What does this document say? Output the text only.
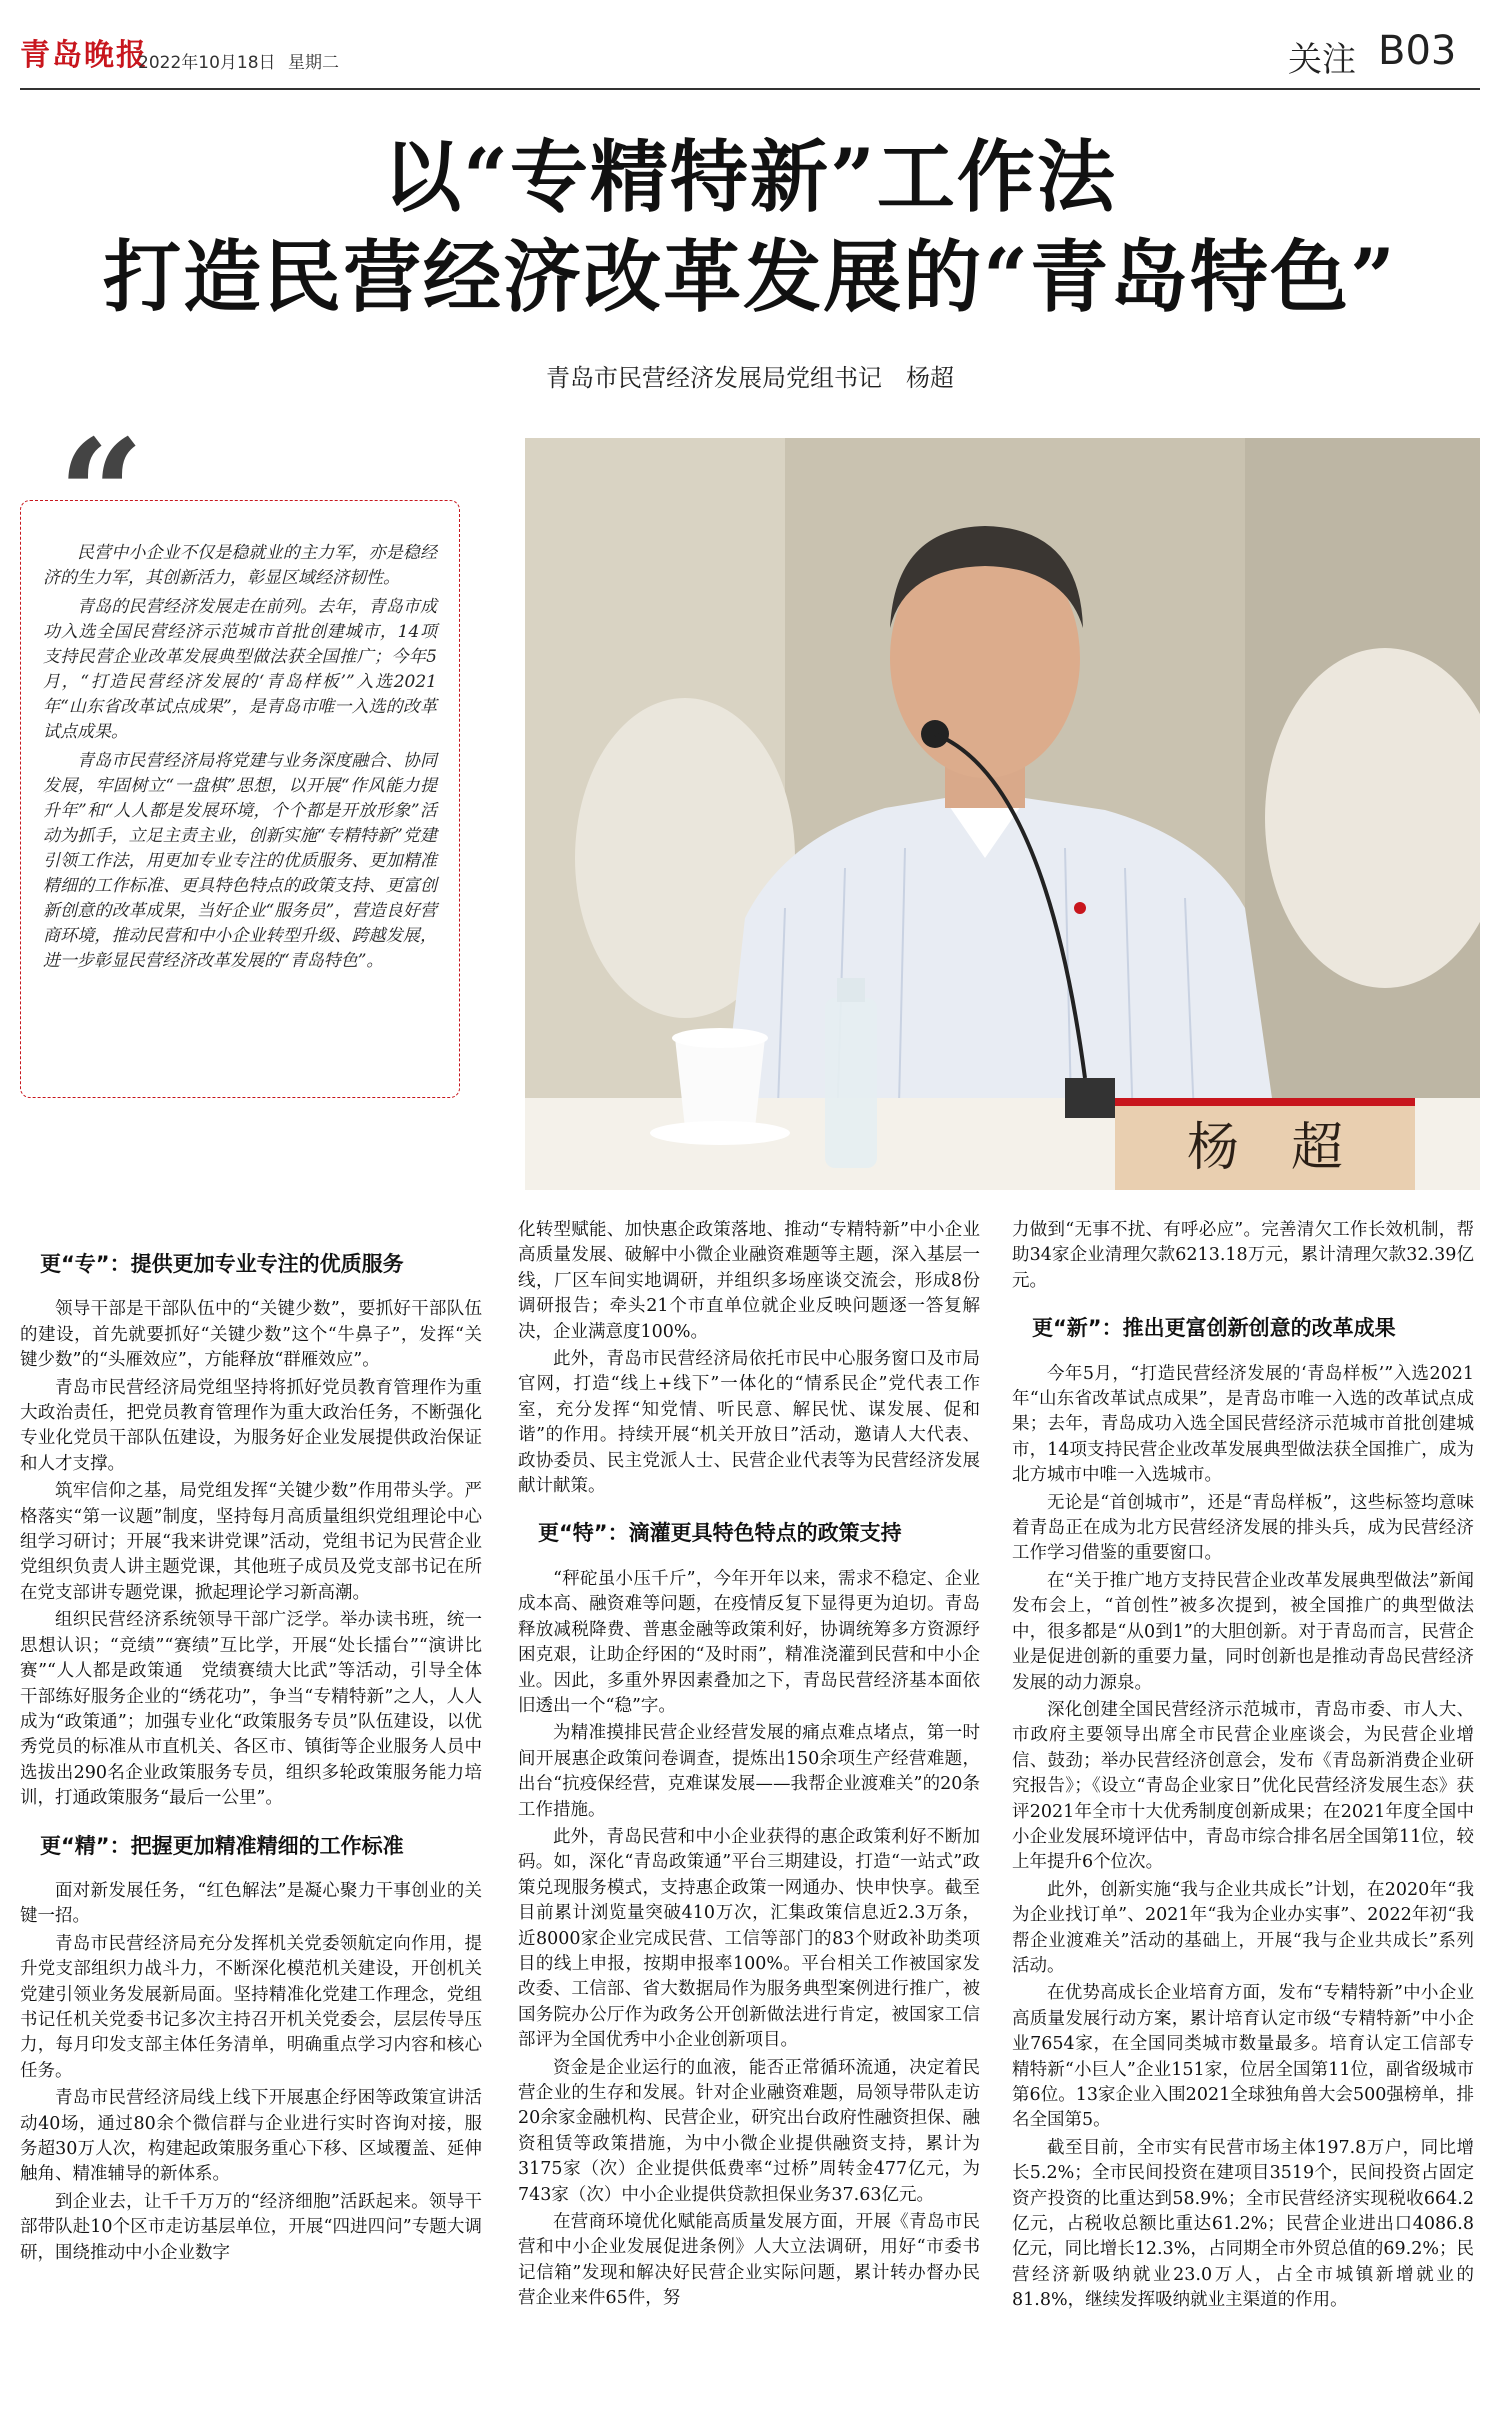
青岛晚报
2022年10月18日 星期二	关注 B03
以“专精特新”工作法
打造民营经济改革发展的“青岛特色”
青岛市民营经济发展局党组书记　杨超
“

民营中小企业不仅是稳就业的主力军，亦是稳经济的生力军，其创新活力，彰显区域经济韧性。

青岛的民营经济发展走在前列。去年，青岛市成功入选全国民营经济示范城市首批创建城市，14项支持民营企业改革发展典型做法获全国推广；今年5月，“打造民营经济发展的‘青岛样板’”入选2021年“山东省改革试点成果”，是青岛市唯一入选的改革试点成果。

青岛市民营经济局将党建与业务深度融合、协同发展，牢固树立“一盘棋”思想，以开展“作风能力提升年”和“人人都是发展环境，个个都是开放形象”活动为抓手，立足主责主业，创新实施“专精特新”党建引领工作法，用更加专业专注的优质服务、更加精准精细的工作标准、更具特色特点的政策支持、更富创新创意的改革成果，当好企业“服务员”，营造良好营商环境，推动民营和中小企业转型升级、跨越发展，进一步彰显民营经济改革发展的“青岛特色”。

杨　超

更“专”：提供更加专业专注的优质服务

领导干部是干部队伍中的“关键少数”，要抓好干部队伍的建设，首先就要抓好“关键少数”这个“牛鼻子”，发挥“关键少数”的“头雁效应”，方能释放“群雁效应”。

青岛市民营经济局党组坚持将抓好党员教育管理作为重大政治责任，把党员教育管理作为重大政治任务，不断强化专业化党员干部队伍建设，为服务好企业发展提供政治保证和人才支撑。

筑牢信仰之基，局党组发挥“关键少数”作用带头学。严格落实“第一议题”制度，坚持每月高质量组织党组理论中心组学习研讨；开展“我来讲党课”活动，党组书记为民营企业党组织负责人讲主题党课，其他班子成员及党支部书记在所在党支部讲专题党课，掀起理论学习新高潮。

组织民营经济系统领导干部广泛学。举办读书班，统一思想认识；“竞绩”“赛绩”互比学，开展“处长擂台”“演讲比赛”“人人都是政策通　党绩赛绩大比武”等活动，引导全体干部练好服务企业的“绣花功”，争当“专精特新”之人，人人成为“政策通”；加强专业化“政策服务专员”队伍建设，以优秀党员的标准从市直机关、各区市、镇街等企业服务人员中选拔出290名企业政策服务专员，组织多轮政策服务能力培训，打通政策服务“最后一公里”。

更“精”：把握更加精准精细的工作标准

面对新发展任务，“红色解法”是凝心聚力干事创业的关键一招。

青岛市民营经济局充分发挥机关党委领航定向作用，提升党支部组织力战斗力，不断深化模范机关建设，开创机关党建引领业务发展新局面。坚持精准化党建工作理念，党组书记任机关党委书记多次主持召开机关党委会，层层传导压力，每月印发支部主体任务清单，明确重点学习内容和核心任务。

青岛市民营经济局线上线下开展惠企纾困等政策宣讲活动40场，通过80余个微信群与企业进行实时咨询对接，服务超30万人次，构建起政策服务重心下移、区域覆盖、延伸触角、精准辅导的新体系。

到企业去，让千千万万的“经济细胞”活跃起来。领导干部带队赴10个区市走访基层单位，开展“四进四问”专题大调研，围绕推动中小企业数字

化转型赋能、加快惠企政策落地、推动“专精特新”中小企业高质量发展、破解中小微企业融资难题等主题，深入基层一线，厂区车间实地调研，并组织多场座谈交流会，形成8份调研报告；牵头21个市直单位就企业反映问题逐一答复解决，企业满意度100%。

此外，青岛市民营经济局依托市民中心服务窗口及市局官网，打造“线上+线下”一体化的“情系民企”党代表工作室，充分发挥“知党情、听民意、解民忧、谋发展、促和谐”的作用。持续开展“机关开放日”活动，邀请人大代表、政协委员、民主党派人士、民营企业代表等为民营经济发展献计献策。

更“特”：滴灌更具特色特点的政策支持

“秤砣虽小压千斤”，今年开年以来，需求不稳定、企业成本高、融资难等问题，在疫情反复下显得更为迫切。青岛释放减税降费、普惠金融等政策利好，协调统筹多方资源纾困克艰，让助企纾困的“及时雨”，精准浇灌到民营和中小企业。因此，多重外界因素叠加之下，青岛民营经济基本面依旧透出一个“稳”字。

为精准摸排民营企业经营发展的痛点难点堵点，第一时间开展惠企政策问卷调查，提炼出150余项生产经营难题，出台“抗疫保经营，克难谋发展——我帮企业渡难关”的20条工作措施。

此外，青岛民营和中小企业获得的惠企政策利好不断加码。如，深化“青岛政策通”平台三期建设，打造“一站式”政策兑现服务模式，支持惠企政策一网通办、快申快享。截至目前累计浏览量突破410万次，汇集政策信息近2.3万条，近8000家企业完成民营、工信等部门的83个财政补助类项目的线上申报，按期申报率100%。平台相关工作被国家发改委、工信部、省大数据局作为服务典型案例进行推广，被国务院办公厅作为政务公开创新做法进行肯定，被国家工信部评为全国优秀中小企业创新项目。

资金是企业运行的血液，能否正常循环流通，决定着民营企业的生存和发展。针对企业融资难题，局领导带队走访20余家金融机构、民营企业，研究出台政府性融资担保、融资租赁等政策措施，为中小微企业提供融资支持，累计为3175家（次）企业提供低费率“过桥”周转金477亿元，为743家（次）中小企业提供贷款担保业务37.63亿元。

在营商环境优化赋能高质量发展方面，开展《青岛市民营和中小企业发展促进条例》人大立法调研，用好“市委书记信箱”发现和解决好民营企业实际问题，累计转办督办民营企业来件65件，努

力做到“无事不扰、有呼必应”。完善清欠工作长效机制，帮助34家企业清理欠款6213.18万元，累计清理欠款32.39亿元。

更“新”：推出更富创新创意的改革成果

今年5月，“打造民营经济发展的‘青岛样板’”入选2021年“山东省改革试点成果”，是青岛市唯一入选的改革试点成果；去年，青岛成功入选全国民营经济示范城市首批创建城市，14项支持民营企业改革发展典型做法获全国推广，成为北方城市中唯一入选城市。

无论是“首创城市”，还是“青岛样板”，这些标签均意味着青岛正在成为北方民营经济发展的排头兵，成为民营经济工作学习借鉴的重要窗口。

在“关于推广地方支持民营企业改革发展典型做法”新闻发布会上，“首创性”被多次提到，被全国推广的典型做法中，很多都是“从0到1”的大胆创新。对于青岛而言，民营企业是促进创新的重要力量，同时创新也是推动青岛民营经济发展的动力源泉。

深化创建全国民营经济示范城市，青岛市委、市人大、市政府主要领导出席全市民营企业座谈会，为民营企业增信、鼓劲；举办民营经济创意会，发布《青岛新消费企业研究报告》；《设立“青岛企业家日”优化民营经济发展生态》获评2021年全市十大优秀制度创新成果；在2021年度全国中小企业发展环境评估中，青岛市综合排名居全国第11位，较上年提升6个位次。

此外，创新实施“我与企业共成长”计划，在2020年“我为企业找订单”、2021年“我为企业办实事”、2022年初“我帮企业渡难关”活动的基础上，开展“我与企业共成长”系列活动。

在优势高成长企业培育方面，发布“专精特新”中小企业高质量发展行动方案，累计培育认定市级“专精特新”中小企业7654家，在全国同类城市数量最多。培育认定工信部专精特新“小巨人”企业151家，位居全国第11位，副省级城市第6位。13家企业入围2021全球独角兽大会500强榜单，排名全国第5。

截至目前，全市实有民营市场主体197.8万户，同比增长5.2%；全市民间投资在建项目3519个，民间投资占固定资产投资的比重达到58.9%；全市民营经济实现税收664.2亿元，占税收总额比重达61.2%；民营企业进出口4086.8亿元，同比增长12.3%，占同期全市外贸总值的69.2%；民营经济新吸纳就业23.0万人，占全市城镇新增就业的81.8%，继续发挥吸纳就业主渠道的作用。
